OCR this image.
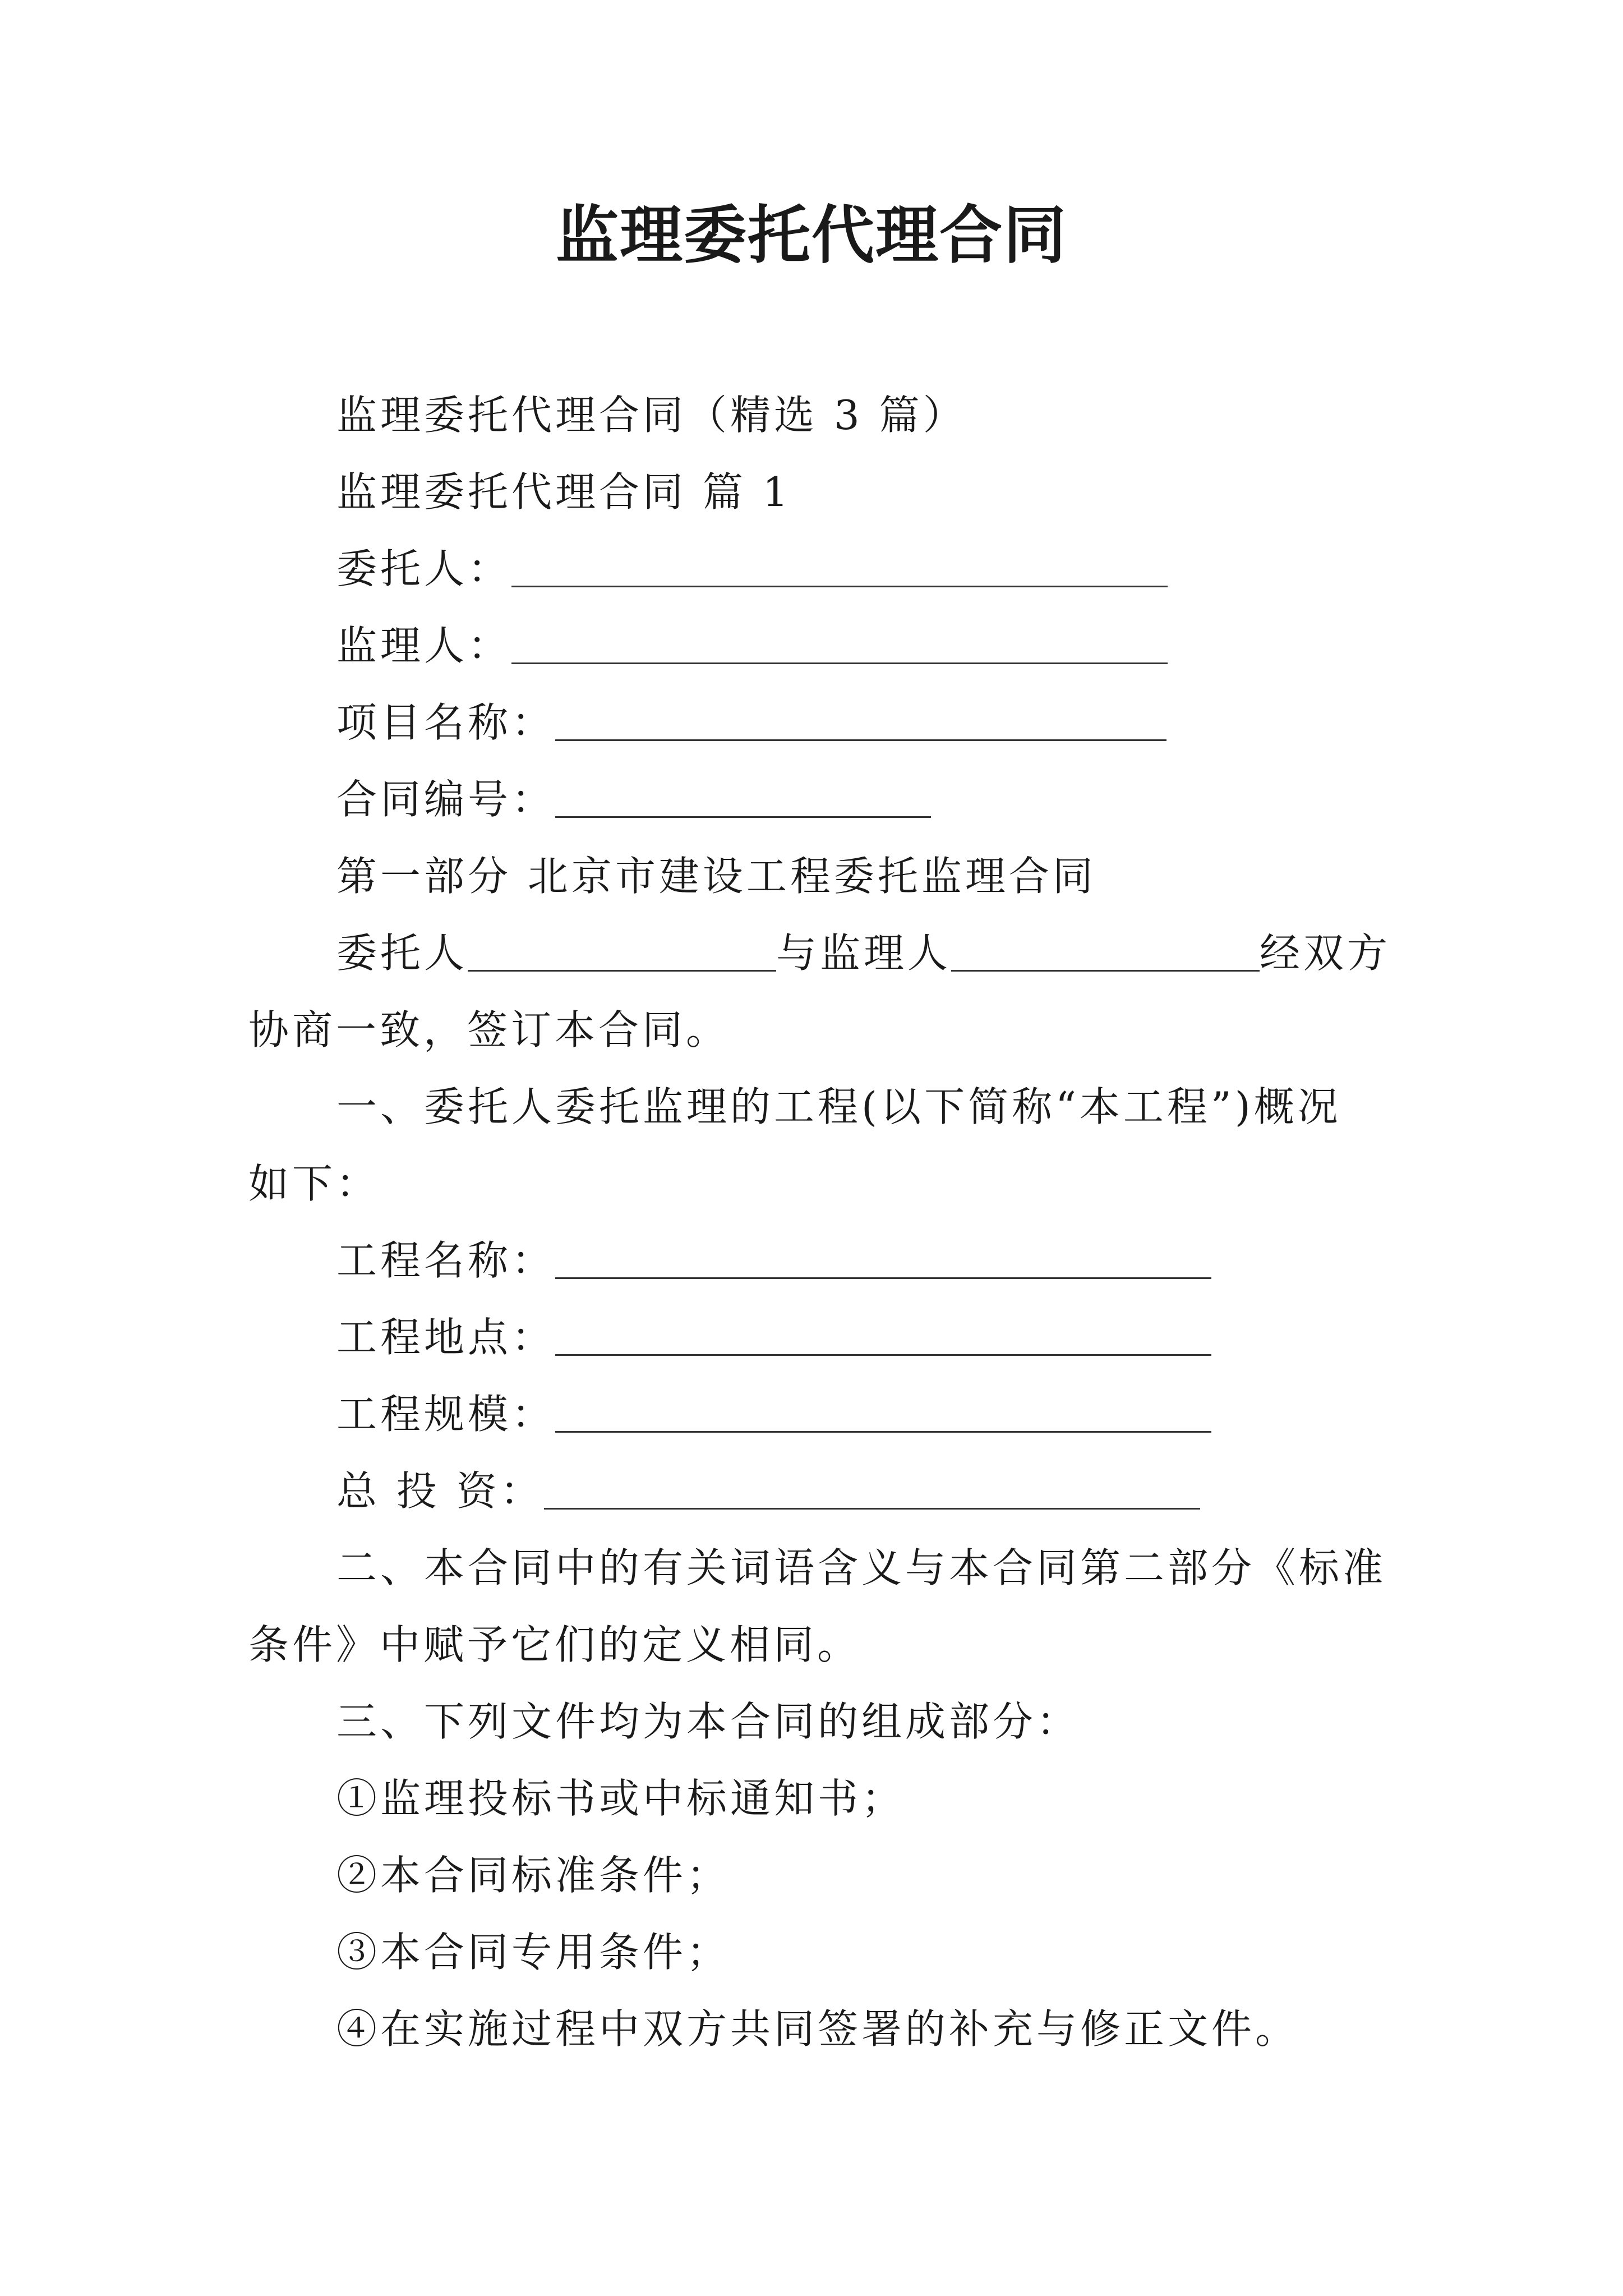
监理委托代理合同
监理委托代理合同（精选 3 篇）
监理委托代理合同 篇 1
委托人：
监理人：
项目名称：
合同编号：
第一部分 北京市建设工程委托监理合同
委托人	与监理人	经双方
协商一致，签订本合同。
一、委托人委托监理的工程(以下简称“本工程”)概况
如下：
工程名称：
工程地点：
工程规模：
总 投 资：
二、本合同中的有关词语含义与本合同第二部分《标准
条件》中赋予它们的定义相同。
三、下列文件均为本合同的组成部分：
①监理投标书或中标通知书；
②本合同标准条件；
③本合同专用条件；
④在实施过程中双方共同签署的补充与修正文件。
